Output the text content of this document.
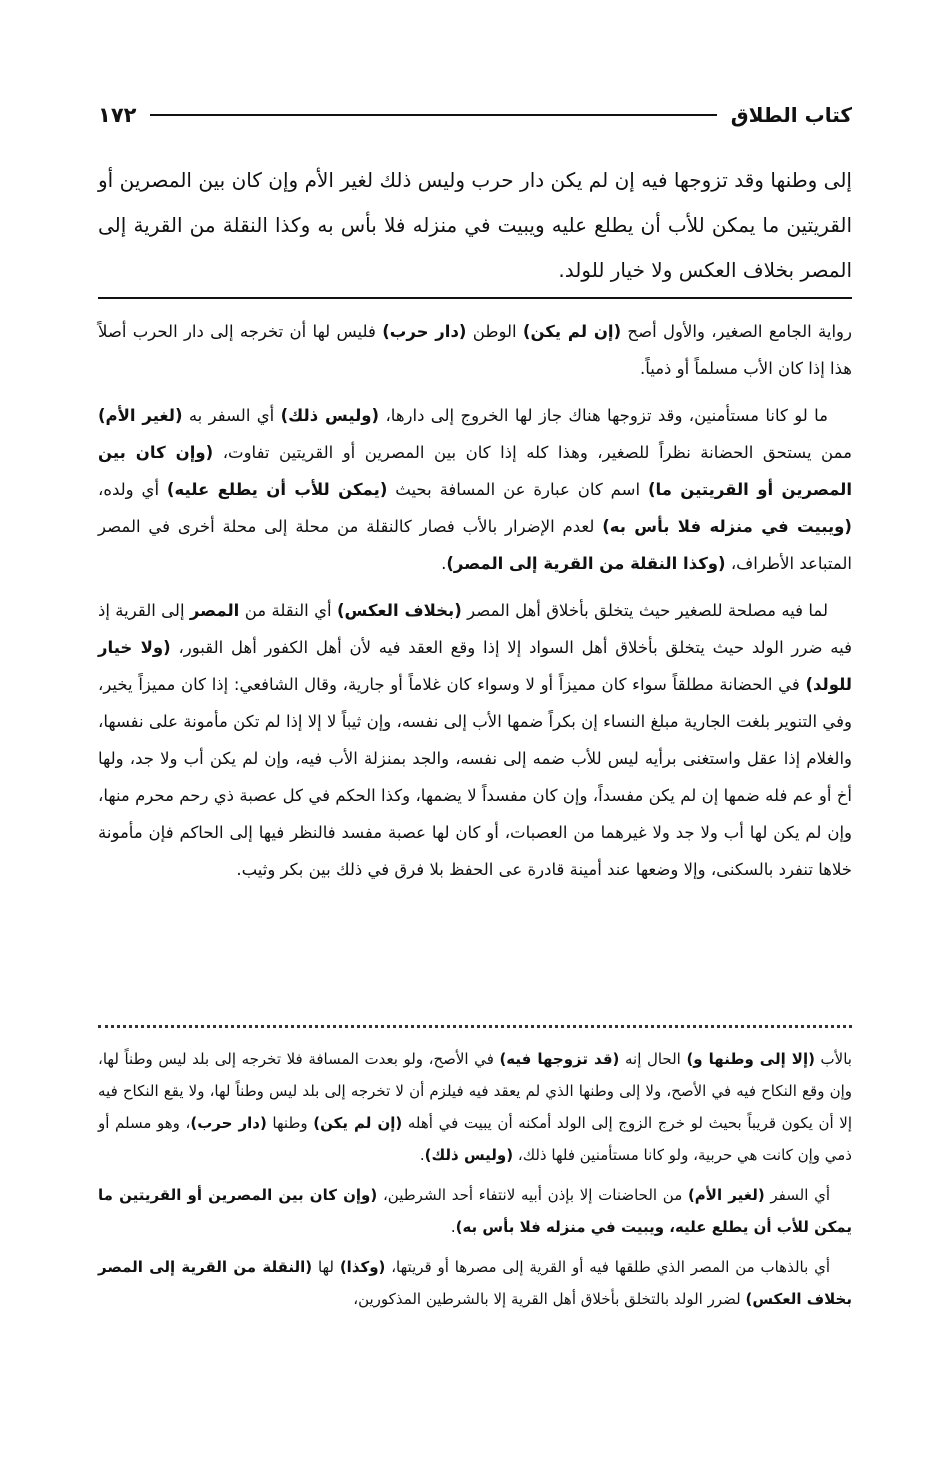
كتاب الطلاق
١٧٢

إلى وطنها وقد تزوجها فيه إن لم يكن دار حرب وليس ذلك لغير الأم وإن كان بين المصرين أو القريتين ما يمكن للأب أن يطلع عليه ويبيت في منزله فلا بأس به وكذا النقلة من القرية إلى المصر بخلاف العكس ولا خيار للولد.

رواية الجامع الصغير، والأول أصح (إن لم يكن) الوطن (دار حرب) فليس لها أن تخرجه إلى دار الحرب أصلاً هذا إذا كان الأب مسلماً أو ذمياً.

ما لو كانا مستأمنين، وقد تزوجها هناك جاز لها الخروج إلى دارها، (وليس ذلك) أي السفر به (لغير الأم) ممن يستحق الحضانة نظراً للصغير، وهذا كله إذا كان بين المصرين أو القريتين تفاوت، (وإن كان بين المصرين أو القريتين ما) اسم كان عبارة عن المسافة بحيث (يمكن للأب أن يطلع عليه) أي ولده، (ويبيت في منزله فلا بأس به) لعدم الإضرار بالأب فصار كالنقلة من محلة إلى محلة أخرى في المصر المتباعد الأطراف، (وكذا النقلة من القرية إلى المصر).

لما فيه مصلحة للصغير حيث يتخلق بأخلاق أهل المصر (بخلاف العكس) أي النقلة من المصر إلى القرية إذ فيه ضرر الولد حيث يتخلق بأخلاق أهل السواد إلا إذا وقع العقد فيه لأن أهل الكفور أهل القبور، (ولا خيار للولد) في الحضانة مطلقاً سواء كان مميزاً أو لا وسواء كان غلاماً أو جارية، وقال الشافعي: إذا كان مميزاً يخير، وفي التنوير بلغت الجارية مبلغ النساء إن بكراً ضمها الأب إلى نفسه، وإن ثيباً لا إلا إذا لم تكن مأمونة على نفسها، والغلام إذا عقل واستغنى برأيه ليس للأب ضمه إلى نفسه، والجد بمنزلة الأب فيه، وإن لم يكن أب ولا جد، ولها أخ أو عم فله ضمها إن لم يكن مفسداً، وإن كان مفسداً لا يضمها، وكذا الحكم في كل عصبة ذي رحم محرم منها، وإن لم يكن لها أب ولا جد ولا غيرهما من العصبات، أو كان لها عصبة مفسد فالنظر فيها إلى الحاكم فإن مأمونة خلاها تنفرد بالسكنى، وإلا وضعها عند أمينة قادرة عى الحفظ بلا فرق في ذلك بين بكر وثيب.

بالأب (إلا إلى وطنها و) الحال إنه (قد تزوجها فيه) في الأصح، ولو بعدت المسافة فلا تخرجه إلى بلد ليس وطناً لها، وإن وقع النكاح فيه في الأصح، ولا إلى وطنها الذي لم يعقد فيه فيلزم أن لا تخرجه إلى بلد ليس وطناً لها، ولا يقع النكاح فيه إلا أن يكون قريباً بحيث لو خرج الزوج إلى الولد أمكنه أن يبيت في أهله (إن لم يكن) وطنها (دار حرب)، وهو مسلم أو ذمي وإن كانت هي حربية، ولو كانا مستأمنين فلها ذلك، (وليس ذلك).

أي السفر (لغير الأم) من الحاضنات إلا بإذن أبيه لانتفاء أحد الشرطين، (وإن كان بين المصرين أو القريتين ما يمكن للأب أن يطلع عليه، ويبيت في منزله فلا بأس به).

أي بالذهاب من المصر الذي طلقها فيه أو القرية إلى مصرها أو قريتها، (وكذا) لها (النقلة من القرية إلى المصر بخلاف العكس) لضرر الولد بالتخلق بأخلاق أهل القرية إلا بالشرطين المذكورين،
